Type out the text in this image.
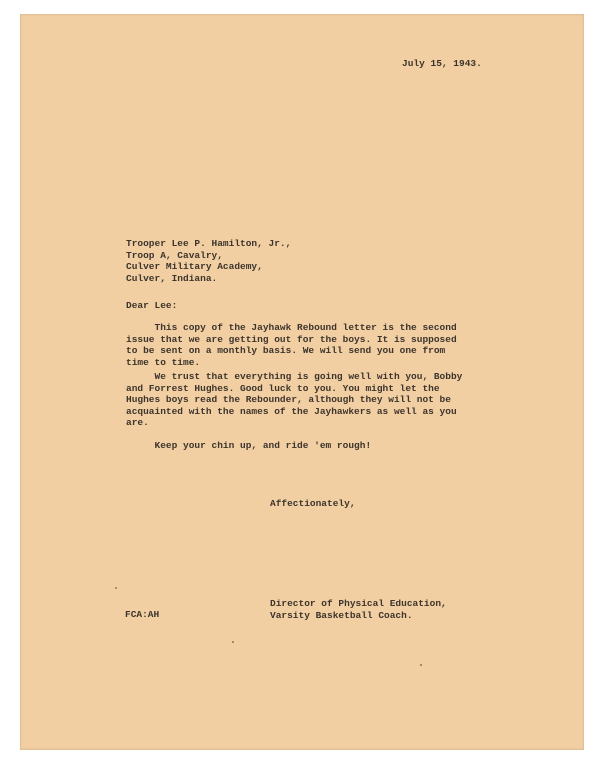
July 15, 1943.
Trooper Lee P. Hamilton, Jr.,
Troop A, Cavalry,
Culver Military Academy,
Culver, Indiana.
Dear Lee:
This copy of the Jayhawk Rebound letter is the second
issue that we are getting out for the boys. It is supposed
to be sent on a monthly basis. We will send you one from
time to time.
We trust that everything is going well with you, Bobby
and Forrest Hughes. Good luck to you. You might let the
Hughes boys read the Rebounder, although they will not be
acquainted with the names of the Jayhawkers as well as you
are.
Keep your chin up, and ride 'em rough!
Affectionately,
FCA:AH
Director of Physical Education,
Varsity Basketball Coach.
